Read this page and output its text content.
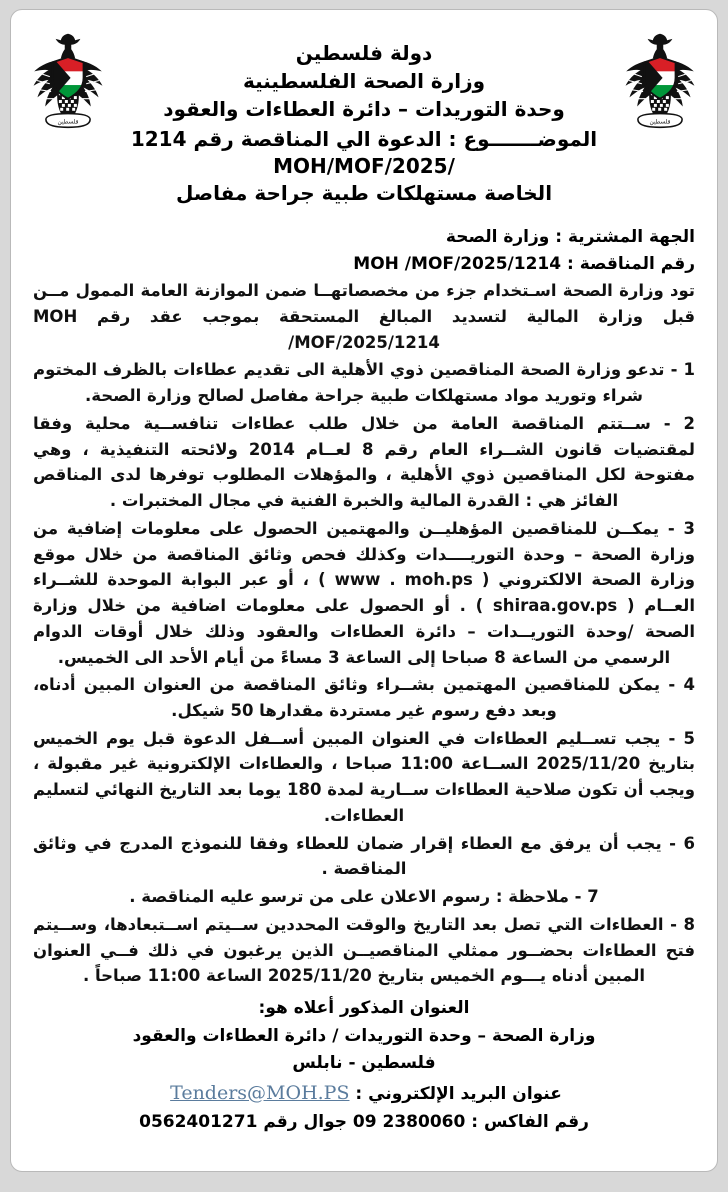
فلسطين	فلسطين
دولة فلسطين
وزارة الصحة الفلسطينية
وحدة التوريدات – دائرة العطاءات والعقود
الموضـــــــوع : الدعوة الي المناقصة رقم 1214 /MOH/MOF/2025
الخاصة مستهلكات طبية جراحة مفاصل
الجهة المشترية : وزارة الصحة
رقم المناقصة : MOH /MOF/2025/1214
تود وزارة الصحة اسـتخدام جزء من مخصصاتهــا ضمن الموازنة العامة الممول مــن قبل وزارة المالية لتسديد المبالغ المستحقة بموجب عقد رقم MOH /MOF/2025/1214
1 - تدعو وزارة الصحة المناقصين ذوي الأهلية الى تقديم عطاءات بالظرف المختوم شراء وتوريد مواد مستهلكات طبية جراحة مفاصل لصالح وزارة الصحة.
2 - ســتتم المناقصة العامة من خلال طلب عطاءات تنافســية محلية وفقا لمقتضيات قانون الشــراء العام رقم 8 لعــام 2014 ولائحته التنفيذية ، وهي مفتوحة لكل المناقصين ذوي الأهلية ، والمؤهلات المطلوب توفرها لدى المناقص الفائز هي : القدرة المالية والخبرة الفنية في مجال المختبرات .
3 - يمكــن للمناقصين المؤهليــن والمهتمين الحصول على معلومات إضافية من وزارة الصحة – وحدة التوريــــدات وكذلك فحص وثائق المناقصة من خلال موقع وزارة الصحة الالكتروني ( www . moh.ps ) ، أو عبر البوابة الموحدة للشــراء العــام ( shiraa.gov.ps ) . أو الحصول على معلومات اضافية من خلال وزارة الصحة /وحدة التوريــدات – دائرة العطاءات والعقود وذلك خلال أوقات الدوام الرسمي من الساعة 8 صباحا إلى الساعة 3 مساءً من أيام الأحد الى الخميس.
4 - يمكن للمناقصين المهتمين بشــراء وثائق المناقصة من العنوان المبين أدناه، وبعد دفع رسوم غير مستردة مقدارها 50 شيكل.
5 - يجب تســليم العطاءات في العنوان المبين أســفل الدعوة قبل يوم الخميس بتاريخ 2025/11/20 الســاعة 11:00 صباحا ، والعطاءات الإلكترونية غير مقبولة ، ويجب أن تكون صلاحية العطاءات ســارية لمدة 180 يوما بعد التاريخ النهائي لتسليم العطاءات.
6 - يجب أن يرفق مع العطاء إقرار ضمان للعطاء وفقا للنموذج المدرج في وثائق المناقصة .
7 - ملاحظة : رسوم الاعلان على من ترسو عليه المناقصة .
8 - العطاءات التي تصل بعد التاريخ والوقت المحددين ســيتم اســتبعادها، وســيتم فتح العطاءات بحضــور ممثلي المناقصيــن الذين يرغبون في ذلك فــي العنوان المبين أدناه يـــوم الخميس بتاريخ 2025/11/20 الساعة 11:00 صباحاً .
العنوان المذكور أعلاه هو:
وزارة الصحة – وحدة التوريدات / دائرة العطاءات والعقود
فلسطين - نابلس
عنوان البريد الإلكتروني : Tenders@MOH.PS
رقم الفاكس : 2380060 09 جوال رقم 0562401271
